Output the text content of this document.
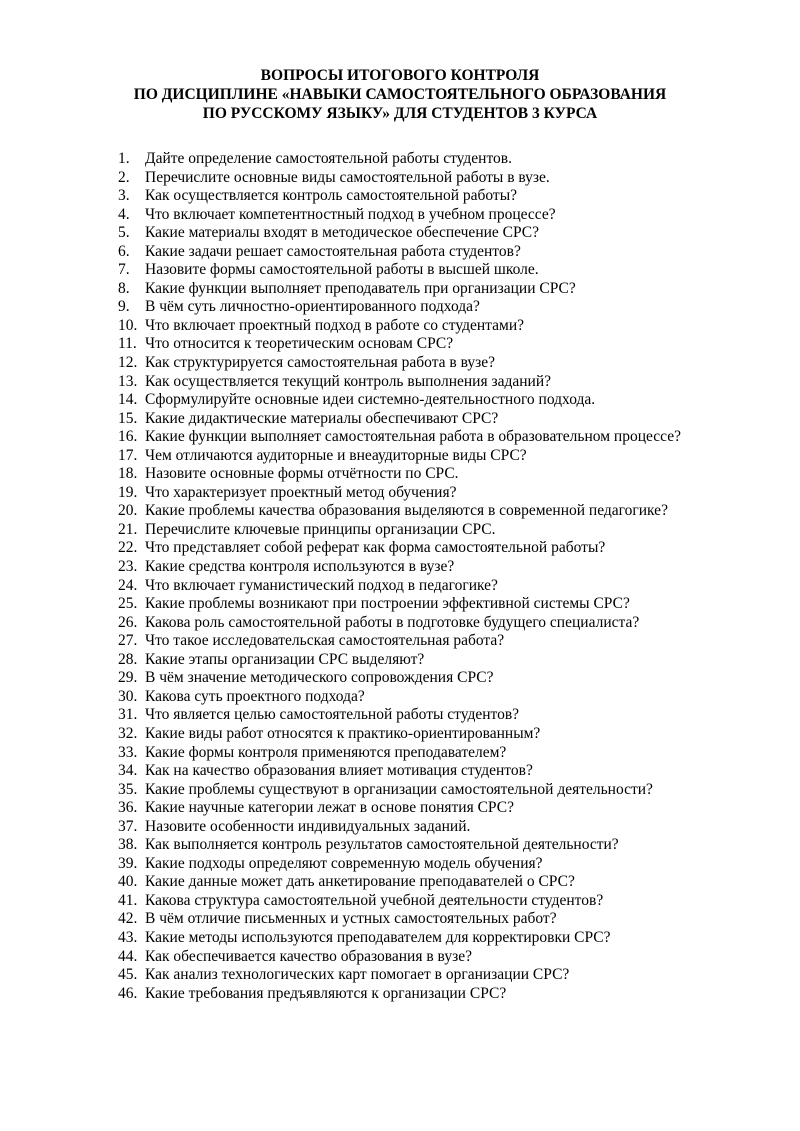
ВОПРОСЫ ИТОГОВОГО КОНТРОЛЯ
ПО ДИСЦИПЛИНЕ «НАВЫКИ САМОСТОЯТЕЛЬНОГО ОБРАЗОВАНИЯ
ПО РУССКОМУ ЯЗЫКУ» ДЛЯ СТУДЕНТОВ 3 КУРСА
1. Дайте определение самостоятельной работы студентов.
2. Перечислите основные виды самостоятельной работы в вузе.
3. Как осуществляется контроль самостоятельной работы?
4. Что включает компетентностный подход в учебном процессе?
5. Какие материалы входят в методическое обеспечение СРС?
6. Какие задачи решает самостоятельная работа студентов?
7. Назовите формы самостоятельной работы в высшей школе.
8. Какие функции выполняет преподаватель при организации СРС?
9. В чём суть личностно-ориентированного подхода?
10. Что включает проектный подход в работе со студентами?
11. Что относится к теоретическим основам СРС?
12. Как структурируется самостоятельная работа в вузе?
13. Как осуществляется текущий контроль выполнения заданий?
14. Сформулируйте основные идеи системно-деятельностного подхода.
15. Какие дидактические материалы обеспечивают СРС?
16. Какие функции выполняет самостоятельная работа в образовательном процессе?
17. Чем отличаются аудиторные и внеаудиторные виды СРС?
18. Назовите основные формы отчётности по СРС.
19. Что характеризует проектный метод обучения?
20. Какие проблемы качества образования выделяются в современной педагогике?
21. Перечислите ключевые принципы организации СРС.
22. Что представляет собой реферат как форма самостоятельной работы?
23. Какие средства контроля используются в вузе?
24. Что включает гуманистический подход в педагогике?
25. Какие проблемы возникают при построении эффективной системы СРС?
26. Какова роль самостоятельной работы в подготовке будущего специалиста?
27. Что такое исследовательская самостоятельная работа?
28. Какие этапы организации СРС выделяют?
29. В чём значение методического сопровождения СРС?
30. Какова суть проектного подхода?
31. Что является целью самостоятельной работы студентов?
32. Какие виды работ относятся к практико-ориентированным?
33. Какие формы контроля применяются преподавателем?
34. Как на качество образования влияет мотивация студентов?
35. Какие проблемы существуют в организации самостоятельной деятельности?
36. Какие научные категории лежат в основе понятия СРС?
37. Назовите особенности индивидуальных заданий.
38. Как выполняется контроль результатов самостоятельной деятельности?
39. Какие подходы определяют современную модель обучения?
40. Какие данные может дать анкетирование преподавателей о СРС?
41. Какова структура самостоятельной учебной деятельности студентов?
42. В чём отличие письменных и устных самостоятельных работ?
43. Какие методы используются преподавателем для корректировки СРС?
44. Как обеспечивается качество образования в вузе?
45. Как анализ технологических карт помогает в организации СРС?
46. Какие требования предъявляются к организации СРС?
